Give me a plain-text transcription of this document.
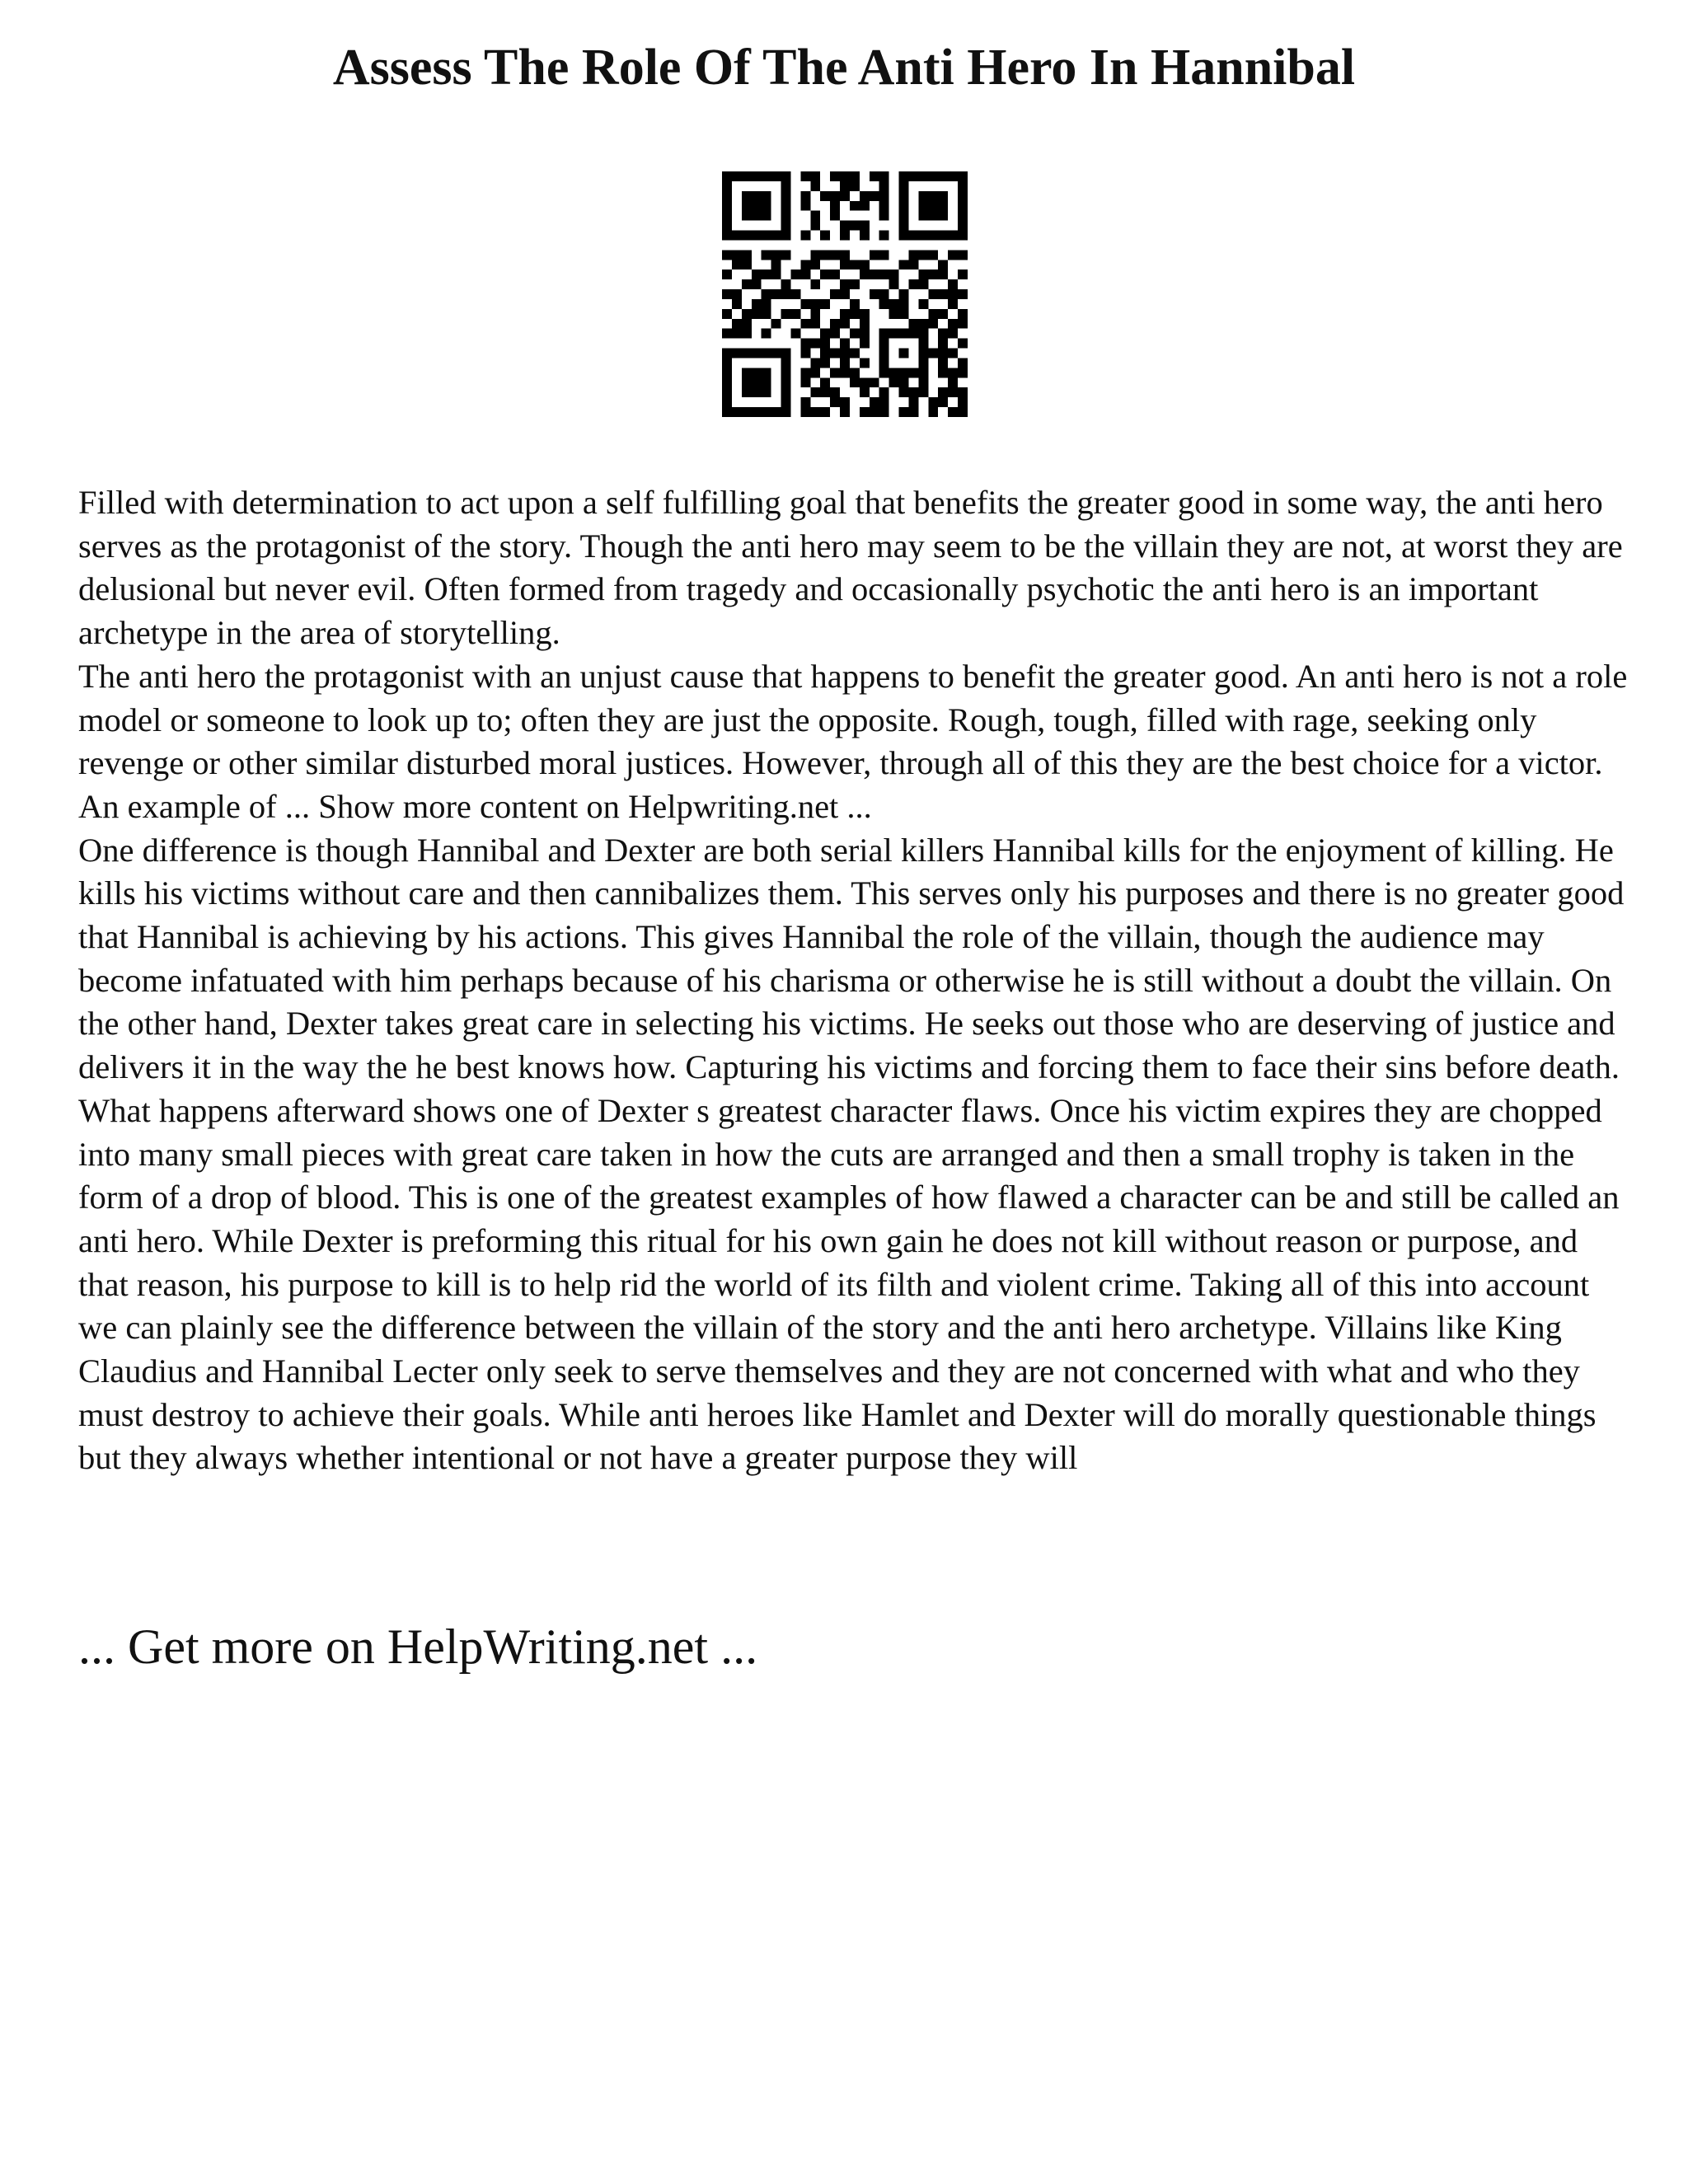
Assess The Role Of The Anti Hero In Hannibal

Filled with determination to act upon a self fulfilling goal that benefits the greater good in some way, the anti hero serves as the protagonist of the story. Though the anti hero may seem to be the villain they are not, at worst they are delusional but never evil. Often formed from tragedy and occasionally psychotic the anti hero is an important archetype in the area of storytelling.

The anti hero the protagonist with an unjust cause that happens to benefit the greater good. An anti hero is not a role model or someone to look up to; often they are just the opposite. Rough, tough, filled with rage, seeking only revenge or other similar disturbed moral justices. However, through all of this they are the best choice for a victor. An example of ... Show more content on Helpwriting.net ...

One difference is though Hannibal and Dexter are both serial killers Hannibal kills for the enjoyment of killing. He kills his victims without care and then cannibalizes them. This serves only his purposes and there is no greater good that Hannibal is achieving by his actions. This gives Hannibal the role of the villain, though the audience may become infatuated with him perhaps because of his charisma or otherwise he is still without a doubt the villain. On the other hand, Dexter takes great care in selecting his victims. He seeks out those who are deserving of justice and delivers it in the way the he best knows how. Capturing his victims and forcing them to face their sins before death. What happens afterward shows one of Dexter s greatest character flaws. Once his victim expires they are chopped into many small pieces with great care taken in how the cuts are arranged and then a small trophy is taken in the form of a drop of blood. This is one of the greatest examples of how flawed a character can be and still be called an anti hero. While Dexter is preforming this ritual for his own gain he does not kill without reason or purpose, and that reason, his purpose to kill is to help rid the world of its filth and violent crime. Taking all of this into account we can plainly see the difference between the villain of the story and the anti hero archetype. Villains like King Claudius and Hannibal Lecter only seek to serve themselves and they are not concerned with what and who they must destroy to achieve their goals. While anti heroes like Hamlet and Dexter will do morally questionable things but they always whether intentional or not have a greater purpose they will

... Get more on HelpWriting.net ...
